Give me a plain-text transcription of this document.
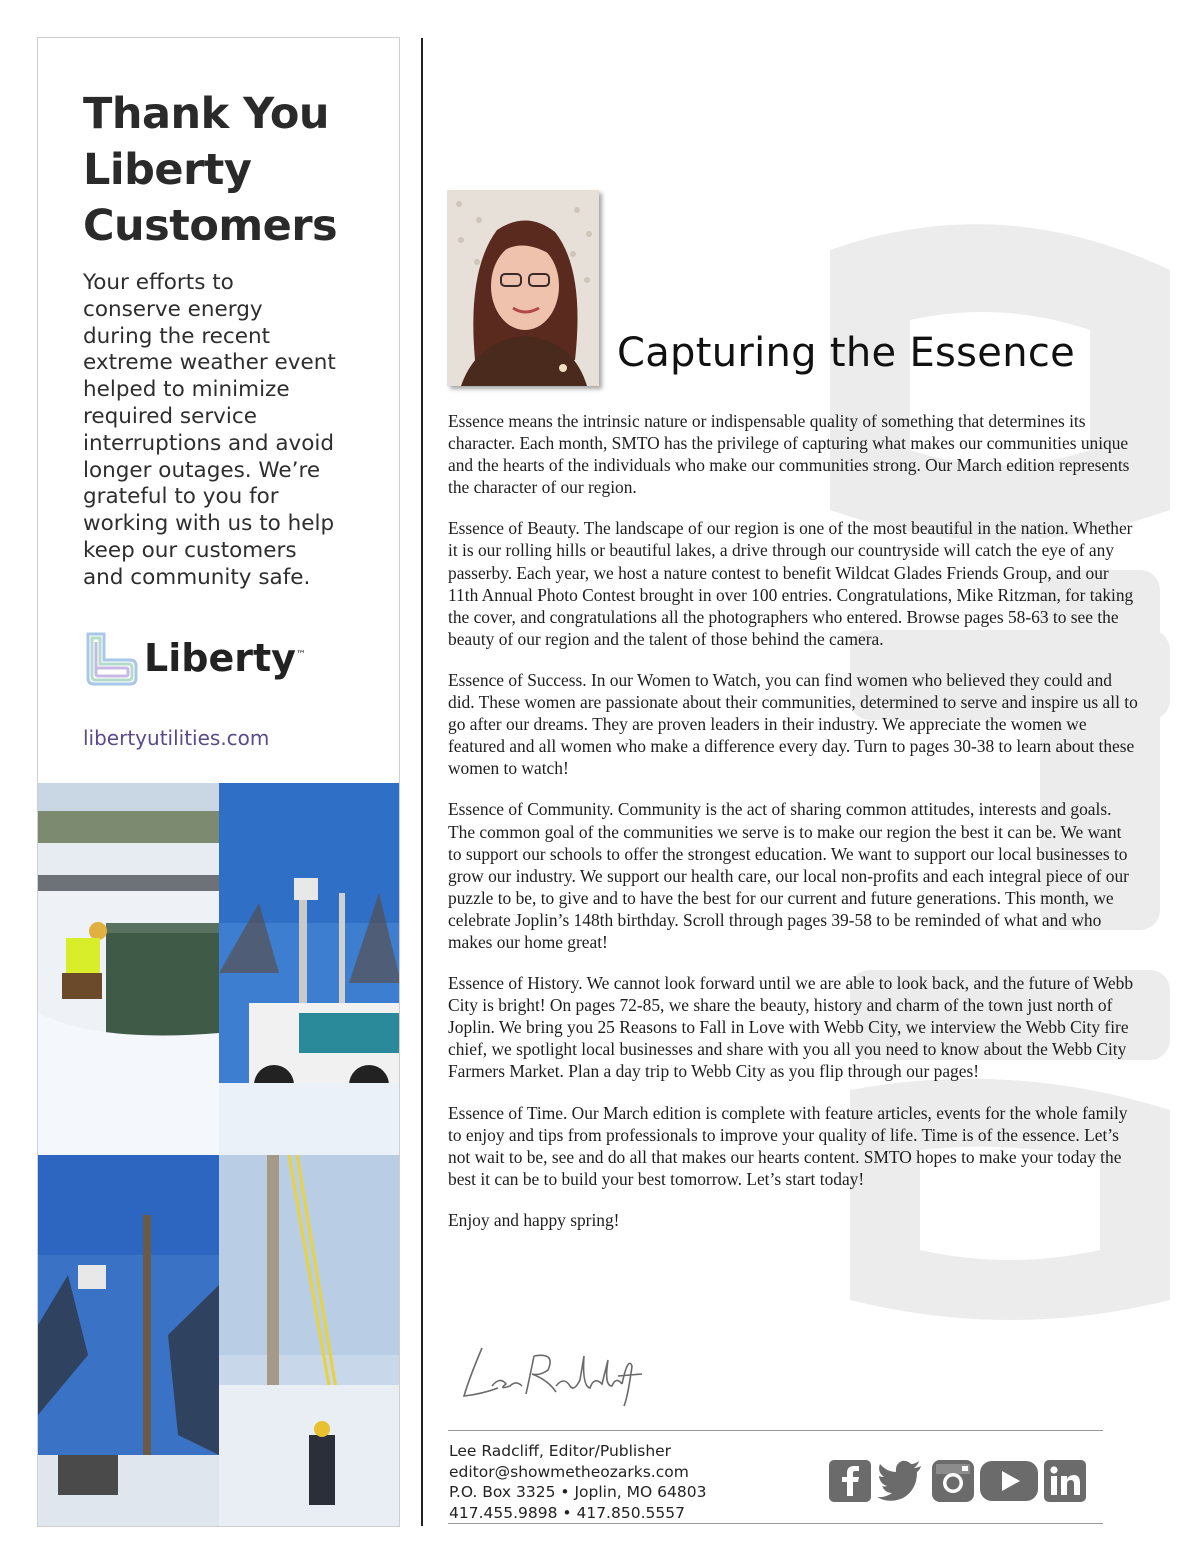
Thank You
Liberty
Customers
Your efforts to
conserve energy
during the recent
extreme weather event
helped to minimize
required service
interruptions and avoid
longer outages. We’re
grateful to you for
working with us to help
keep our customers
and community safe.
Liberty™
libertyutilities.com
Capturing the Essence

Essence means the intrinsic nature or indispensable quality of something that determines its character. Each month, SMTO has the privilege of capturing what makes our communities unique and the hearts of the individuals who make our communities strong. Our March edition represents the character of our region.

Essence of Beauty. The landscape of our region is one of the most beautiful in the nation. Whether it is our rolling hills or beautiful lakes, a drive through our countryside will catch the eye of any passerby. Each year, we host a nature contest to benefit Wildcat Glades Friends Group, and our 11th Annual Photo Contest brought in over 100 entries. Congratulations, Mike Ritzman, for taking the cover, and congratulations all the photographers who entered. Browse pages 58-63 to see the beauty of our region and the talent of those behind the camera.

Essence of Success. In our Women to Watch, you can find women who believed they could and did. These women are passionate about their communities, determined to serve and inspire us all to go after our dreams. They are proven leaders in their industry. We appreciate the women we featured and all women who make a difference every day. Turn to pages 30-38 to learn about these women to watch!

Essence of Community. Community is the act of sharing common attitudes, interests and goals. The common goal of the communities we serve is to make our region the best it can be. We want to support our schools to offer the strongest education. We want to support our local businesses to grow our industry. We support our health care, our local non-profits and each integral piece of our puzzle to be, to give and to have the best for our current and future generations. This month, we celebrate Joplin’s 148th birthday. Scroll through pages 39-58 to be reminded of what and who makes our home great!

Essence of History. We cannot look forward until we are able to look back, and the future of Webb City is bright! On pages 72-85, we share the beauty, history and charm of the town just north of Joplin. We bring you 25 Reasons to Fall in Love with Webb City, we interview the Webb City fire chief, we spotlight local businesses and share with you all you need to know about the Webb City Farmers Market. Plan a day trip to Webb City as you flip through our pages!

Essence of Time. Our March edition is complete with feature articles, events for the whole family to enjoy and tips from professionals to improve your quality of life. Time is of the essence. Let’s not wait to be, see and do all that makes our hearts content. SMTO hopes to make your today the best it can be to build your best tomorrow. Let’s start today!

Enjoy and happy spring!

Lee Radcliff, Editor/Publisher
editor@showmetheozarks.com
P.O. Box 3325 • Joplin, MO 64803
417.455.9898 • 417.850.5557
